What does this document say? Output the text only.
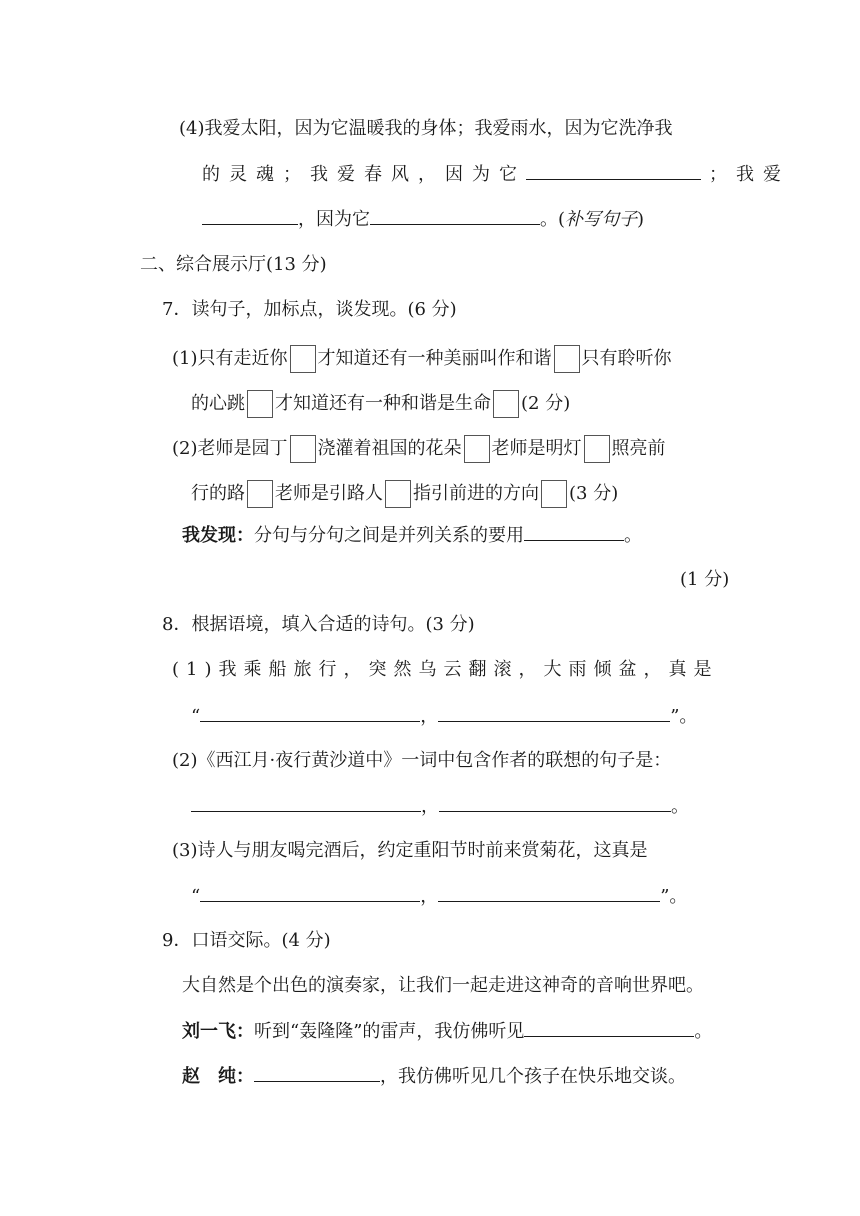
(4)我爱太阳，因为它温暖我的身体；我爱雨水，因为它洗净我
的灵魂；我爱春风，因为它	；我爱
，因为它	。(补写句子)
二、综合展示厅(13 分)
7．读句子，加标点，谈发现。(6 分)
(1)只有走近你 才知道还有一种美丽叫作和谐 只有聆听你
的心跳 才知道还有一种和谐是生命 (2 分)
(2)老师是园丁 浇灌着祖国的花朵 老师是明灯 照亮前
行的路 老师是引路人 指引前进的方向 (3 分)
我发现：分句与分句之间是并列关系的要用	。
(1 分)
8．根据语境，填入合适的诗句。(3 分)
(1)我乘船旅行，突然乌云翻滚，大雨倾盆，真是
“	，	”。
(2)《西江月·夜行黄沙道中》一词中包含作者的联想的句子是：
，	。
(3)诗人与朋友喝完酒后，约定重阳节时前来赏菊花，这真是
“	，	”。
9．口语交际。(4 分)
大自然是个出色的演奏家，让我们一起走进这神奇的音响世界吧。
刘一飞：听到“轰隆隆”的雷声，我仿佛听见	。
赵　纯：	，我仿佛听见几个孩子在快乐地交谈。
